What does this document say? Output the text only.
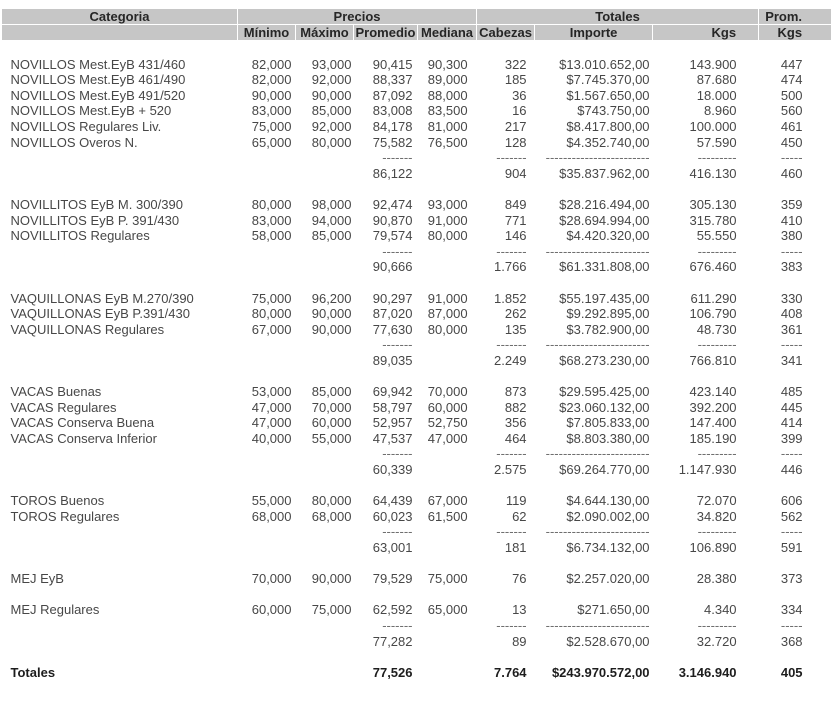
Categoria	Precios				Totales			Prom.
	Mínimo	Máximo	Promedio	Mediana	Cabezas	Importe	Kgs	Kgs

NOVILLOS Mest.EyB 431/460	82,000	93,000	90,415	90,300	322	$13.010.652,00	143.900	447
NOVILLOS Mest.EyB 461/490	82,000	92,000	88,337	89,000	185	$7.745.370,00	87.680	474
NOVILLOS Mest.EyB 491/520	90,000	90,000	87,092	88,000	36	$1.567.650,00	18.000	500
NOVILLOS Mest.EyB + 520	83,000	85,000	83,008	83,500	16	$743.750,00	8.960	560
NOVILLOS Regulares Liv.	75,000	92,000	84,178	81,000	217	$8.417.800,00	100.000	461
NOVILLOS Overos N.	65,000	80,000	75,582	76,500	128	$4.352.740,00	57.590	450
			-------		-------	------------------------	---------	-----
			86,122		904	$35.837.962,00	416.130	460

NOVILLITOS EyB M. 300/390	80,000	98,000	92,474	93,000	849	$28.216.494,00	305.130	359
NOVILLITOS EyB P. 391/430	83,000	94,000	90,870	91,000	771	$28.694.994,00	315.780	410
NOVILLITOS Regulares	58,000	85,000	79,574	80,000	146	$4.420.320,00	55.550	380
			-------		-------	------------------------	---------	-----
			90,666		1.766	$61.331.808,00	676.460	383

VAQUILLONAS EyB M.270/390	75,000	96,200	90,297	91,000	1.852	$55.197.435,00	611.290	330
VAQUILLONAS EyB P.391/430	80,000	90,000	87,020	87,000	262	$9.292.895,00	106.790	408
VAQUILLONAS Regulares	67,000	90,000	77,630	80,000	135	$3.782.900,00	48.730	361
			-------		-------	------------------------	---------	-----
			89,035		2.249	$68.273.230,00	766.810	341

VACAS Buenas	53,000	85,000	69,942	70,000	873	$29.595.425,00	423.140	485
VACAS Regulares	47,000	70,000	58,797	60,000	882	$23.060.132,00	392.200	445
VACAS Conserva Buena	47,000	60,000	52,957	52,750	356	$7.805.833,00	147.400	414
VACAS Conserva Inferior	40,000	55,000	47,537	47,000	464	$8.803.380,00	185.190	399
			-------		-------	------------------------	---------	-----
			60,339		2.575	$69.264.770,00	1.147.930	446

TOROS Buenos	55,000	80,000	64,439	67,000	119	$4.644.130,00	72.070	606
TOROS Regulares	68,000	68,000	60,023	61,500	62	$2.090.002,00	34.820	562
			-------		-------	------------------------	---------	-----
			63,001		181	$6.734.132,00	106.890	591

MEJ EyB	70,000	90,000	79,529	75,000	76	$2.257.020,00	28.380	373

MEJ Regulares	60,000	75,000	62,592	65,000	13	$271.650,00	4.340	334
			-------		-------	------------------------	---------	-----
			77,282		89	$2.528.670,00	32.720	368

Totales			77,526		7.764	$243.970.572,00	3.146.940	405
